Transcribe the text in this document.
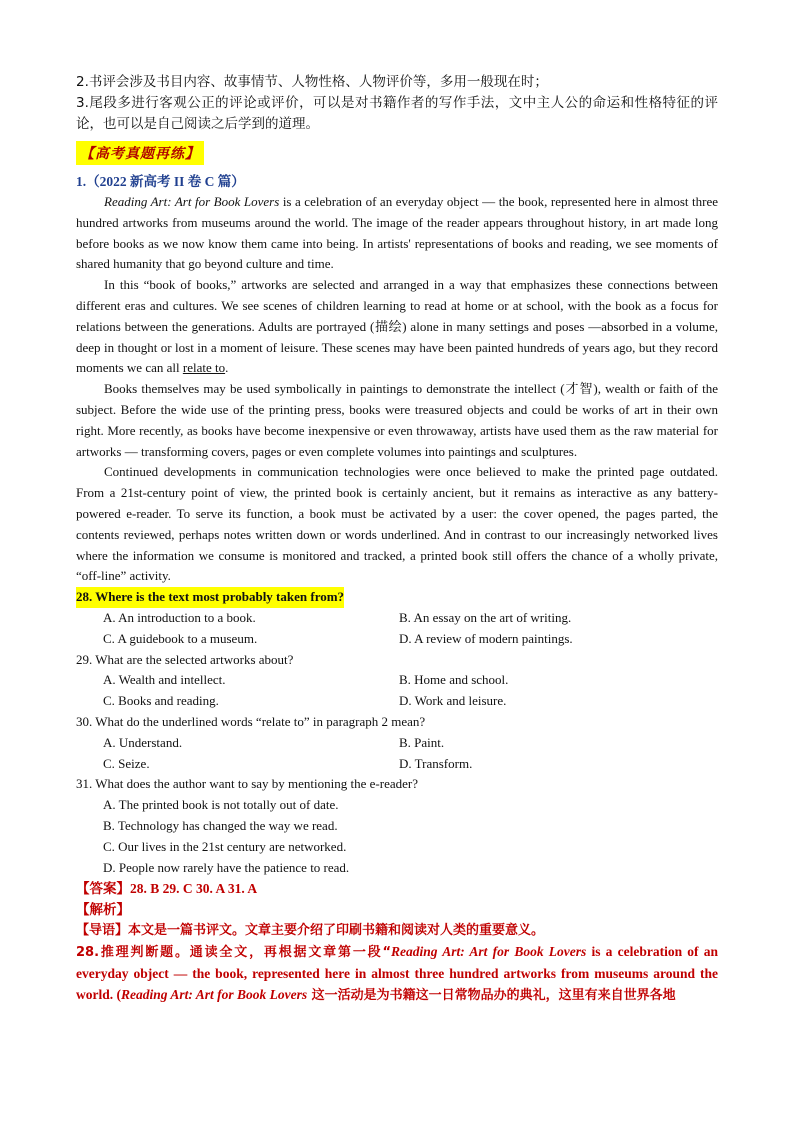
2.书评会涉及书目内容、故事情节、人物性格、人物评价等，多用一般现在时；
3.尾段多进行客观公正的评论或评价，可以是对书籍作者的写作手法，文中主人公的命运和性格特征的评论，也可以是自己阅读之后学到的道理。
【高考真题再练】
1.（2022 新高考 II 卷 C 篇）

Reading Art: Art for Book Lovers is a celebration of an everyday object — the book, represented here in almost three hundred artworks from museums around the world. The image of the reader appears throughout history, in art made long before books as we now know them came into being. In artists' representations of books and reading, we see moments of shared humanity that go beyond culture and time.

In this “book of books,” artworks are selected and arranged in a way that emphasizes these connections between different eras and cultures. We see scenes of children learning to read at home or at school, with the book as a focus for relations between the generations. Adults are portrayed (描绘) alone in many settings and poses —absorbed in a volume, deep in thought or lost in a moment of leisure. These scenes may have been painted hundreds of years ago, but they record moments we can all relate to.

Books themselves may be used symbolically in paintings to demonstrate the intellect (才智), wealth or faith of the subject. Before the wide use of the printing press, books were treasured objects and could be works of art in their own right. More recently, as books have become inexpensive or even throwaway, artists have used them as the raw material for artworks — transforming covers, pages or even complete volumes into paintings and sculptures.

Continued developments in communication technologies were once believed to make the printed page outdated. From a 21st-century point of view, the printed book is certainly ancient, but it remains as interactive as any battery-powered e-reader. To serve its function, a book must be activated by a user: the cover opened, the pages parted, the contents reviewed, perhaps notes written down or words underlined. And in contrast to our increasingly networked lives where the information we consume is monitored and tracked, a printed book still offers the chance of a wholly private, “off-line” activity.

28. Where is the text most probably taken from?
A. An introduction to a book.	B. An essay on the art of writing.
C. A guidebook to a museum.	D. A review of modern paintings.
29. What are the selected artworks about?
A. Wealth and intellect.	B. Home and school.
C. Books and reading.	D. Work and leisure.
30. What do the underlined words “relate to” in paragraph 2 mean?
A. Understand.	B. Paint.
C. Seize.	D. Transform.
31. What does the author want to say by mentioning the e-reader?
A. The printed book is not totally out of date.
B. Technology has changed the way we read.
C. Our lives in the 21st century are networked.
D. People now rarely have the patience to read.
【答案】28. B 29. C 30. A 31. A
【解析】
【导语】本文是一篇书评文。文章主要介绍了印刷书籍和阅读对人类的重要意义。

28.推理判断题。通读全文，再根据文章第一段“Reading Art: Art for Book Lovers is a celebration of an everyday object — the book, represented here in almost three hundred artworks from museums around the world. (Reading Art: Art for Book Lovers 这一活动是为书籍这一日常物品办的典礼，这里有来自世界各地
